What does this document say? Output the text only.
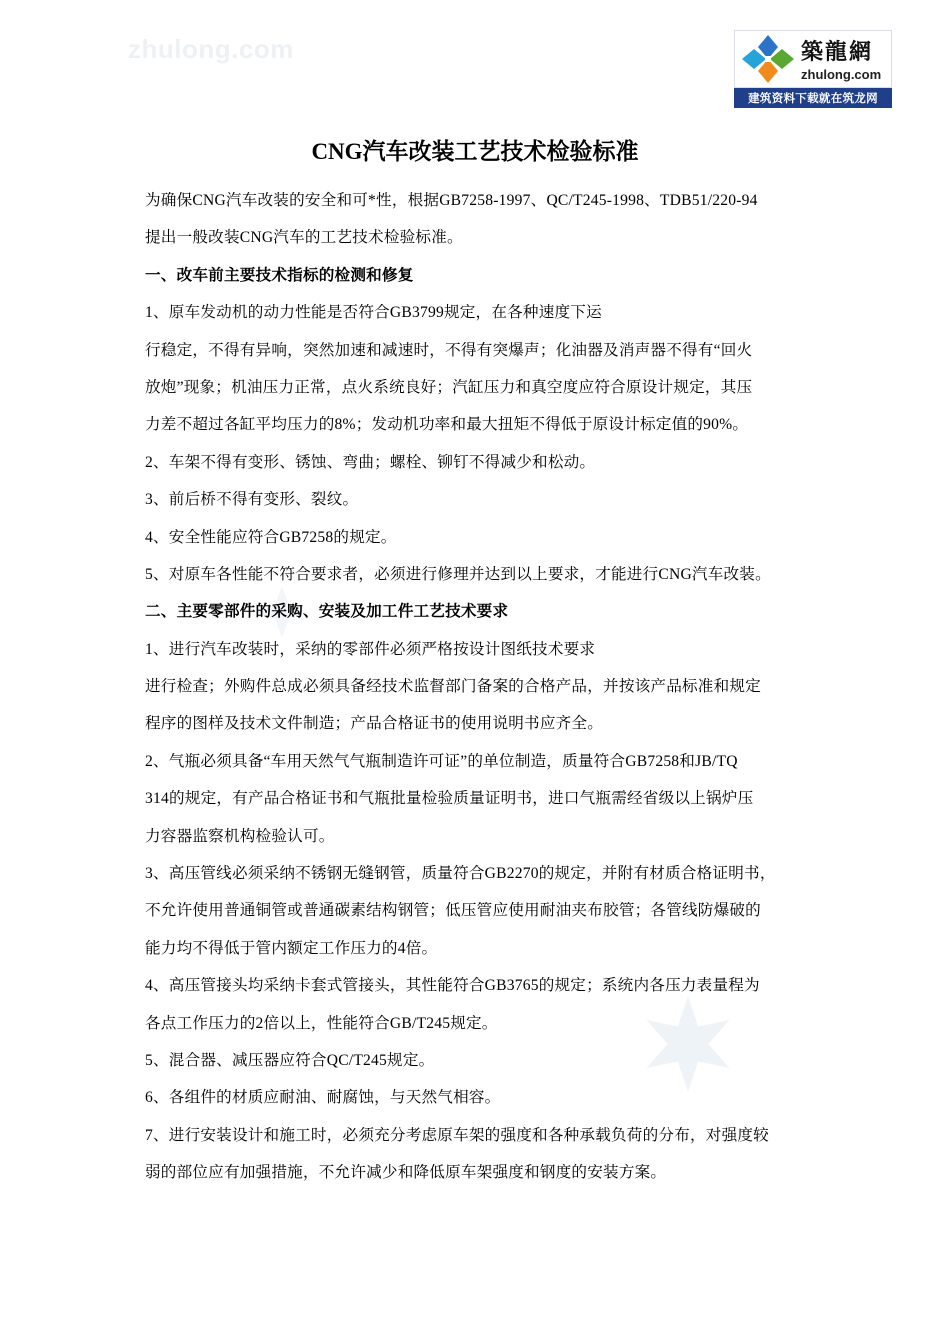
zhulong.com	築龍網
zhulong.com
建筑资料下载就在筑龙网
CNG汽车改装工艺技术检验标准
为确保CNG汽车改装的安全和可*性，根据GB7258-1997、QC/T245-1998、TDB51/220-94
提出一般改装CNG汽车的工艺技术检验标准。
一、改车前主要技术指标的检测和修复
1、原车发动机的动力性能是否符合GB3799规定，在各种速度下运
行稳定，不得有异响，突然加速和减速时，不得有突爆声；化油器及消声器不得有“回火
放炮”现象；机油压力正常，点火系统良好；汽缸压力和真空度应符合原设计规定，其压
力差不超过各缸平均压力的8%；发动机功率和最大扭矩不得低于原设计标定值的90%。
2、车架不得有变形、锈蚀、弯曲；螺栓、铆钉不得减少和松动。
3、前后桥不得有变形、裂纹。
4、安全性能应符合GB7258的规定。
5、对原车各性能不符合要求者，必须进行修理并达到以上要求，才能进行CNG汽车改装。
二、主要零部件的采购、安装及加工件工艺技术要求
1、进行汽车改装时，采纳的零部件必须严格按设计图纸技术要求
进行检查；外购件总成必须具备经技术监督部门备案的合格产品，并按该产品标准和规定
程序的图样及技术文件制造；产品合格证书的使用说明书应齐全。
2、气瓶必须具备“车用天然气气瓶制造许可证”的单位制造，质量符合GB7258和JB/TQ
314的规定，有产品合格证书和气瓶批量检验质量证明书，进口气瓶需经省级以上锅炉压
力容器监察机构检验认可。
3、高压管线必须采纳不锈钢无缝钢管，质量符合GB2270的规定，并附有材质合格证明书，
不允许使用普通铜管或普通碳素结构钢管；低压管应使用耐油夹布胶管；各管线防爆破的
能力均不得低于管内额定工作压力的4倍。
4、高压管接头均采纳卡套式管接头，其性能符合GB3765的规定；系统内各压力表量程为
各点工作压力的2倍以上，性能符合GB/T245规定。
5、混合器、减压器应符合QC/T245规定。
6、各组件的材质应耐油、耐腐蚀，与天然气相容。
7、进行安装设计和施工时，必须充分考虑原车架的强度和各种承载负荷的分布，对强度较
弱的部位应有加强措施，不允许减少和降低原车架强度和钢度的安装方案。
